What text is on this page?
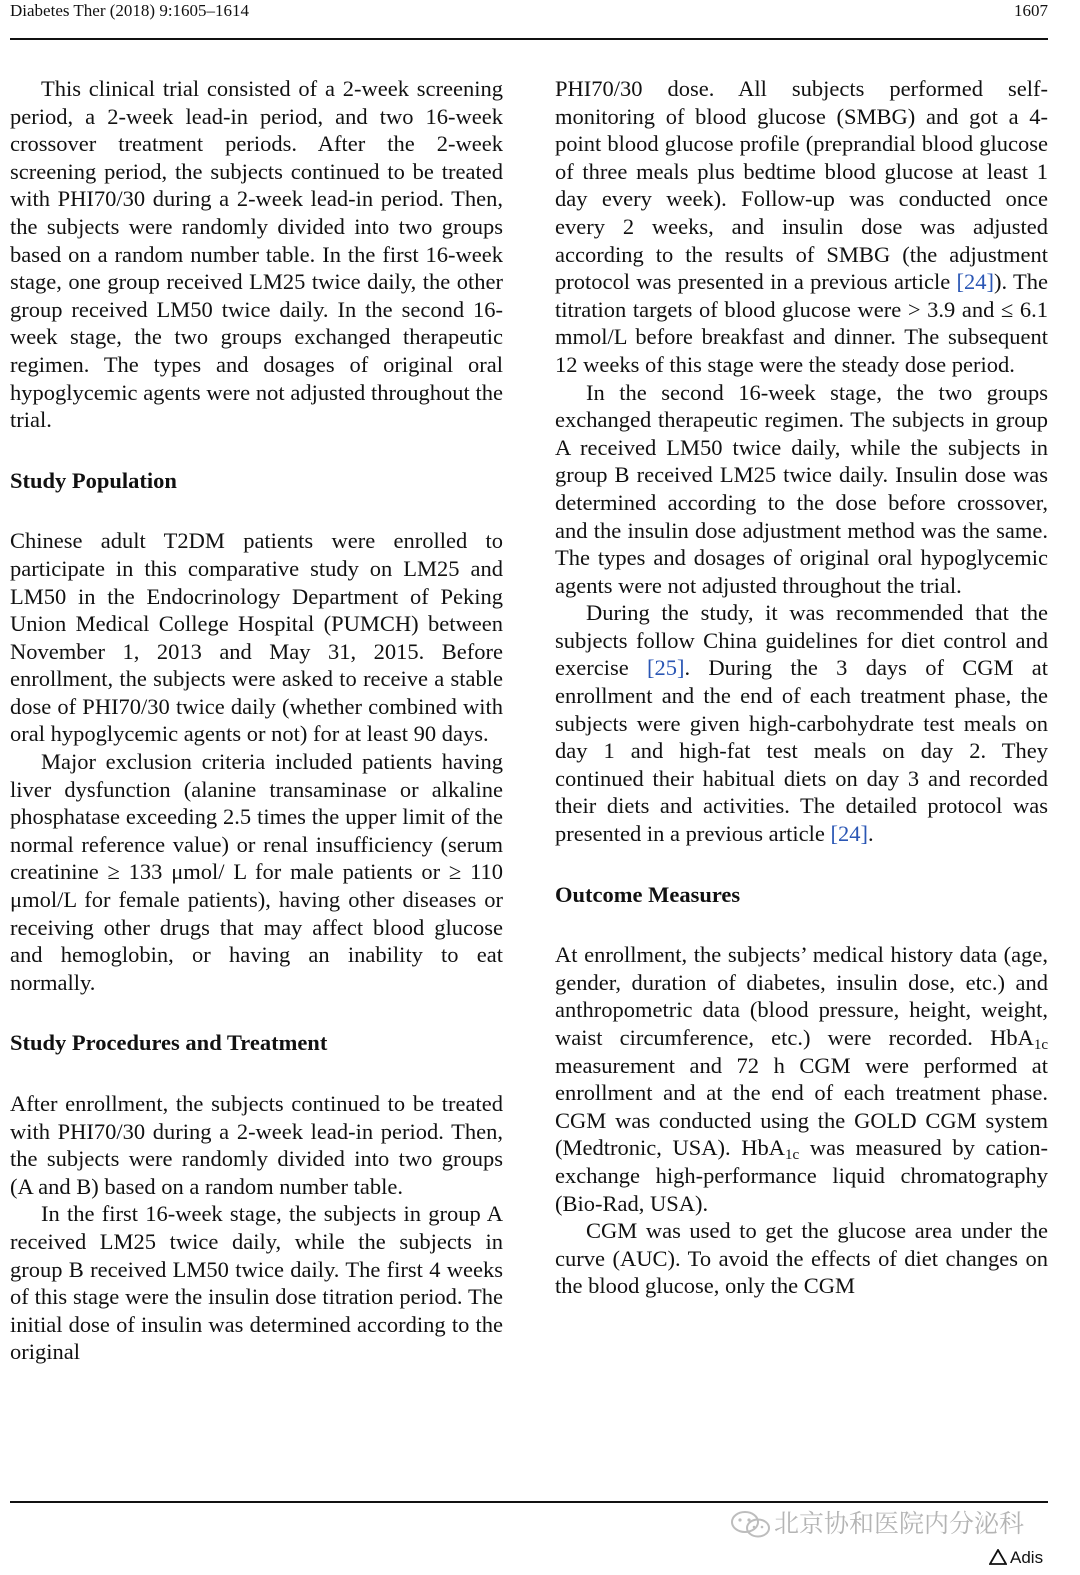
Diabetes Ther (2018) 9:1605–1614	1607

This clinical trial consisted of a 2-week screening period, a 2-week lead-in period, and two 16-week crossover treatment periods. After the 2-week screening period, the subjects continued to be treated with PHI70/30 during a 2-week lead-in period. Then, the subjects were randomly divided into two groups based on a random number table. In the first 16-week stage, one group received LM25 twice daily, the other group received LM50 twice daily. In the second 16-week stage, the two groups exchanged therapeutic regimen. The types and dosages of original oral hypoglycemic agents were not adjusted throughout the trial.

Study Population

Chinese adult T2DM patients were enrolled to participate in this comparative study on LM25 and LM50 in the Endocrinology Department of Peking Union Medical College Hospital (PUMCH) between November 1, 2013 and May 31, 2015. Before enrollment, the subjects were asked to receive a stable dose of PHI70/30 twice daily (whether combined with oral hypoglycemic agents or not) for at least 90 days.

Major exclusion criteria included patients having liver dysfunction (alanine transaminase or alkaline phosphatase exceeding 2.5 times the upper limit of the normal reference value) or renal insufficiency (serum creatinine ≥ 133 μmol/ L for male patients or ≥ 110 μmol/L for female patients), having other diseases or receiving other drugs that may affect blood glucose and hemoglobin, or having an inability to eat normally.

Study Procedures and Treatment

After enrollment, the subjects continued to be treated with PHI70/30 during a 2-week lead-in period. Then, the subjects were randomly divided into two groups (A and B) based on a random number table.

In the first 16-week stage, the subjects in group A received LM25 twice daily, while the subjects in group B received LM50 twice daily. The first 4 weeks of this stage were the insulin dose titration period. The initial dose of insulin was determined according to the original

PHI70/30 dose. All subjects performed self-monitoring of blood glucose (SMBG) and got a 4-point blood glucose profile (preprandial blood glucose of three meals plus bedtime blood glucose at least 1 day every week). Follow-up was conducted once every 2 weeks, and insulin dose was adjusted according to the results of SMBG (the adjustment protocol was presented in a previous article [24]). The titration targets of blood glucose were > 3.9 and ≤ 6.1 mmol/L before breakfast and dinner. The subsequent 12 weeks of this stage were the steady dose period.

In the second 16-week stage, the two groups exchanged therapeutic regimen. The subjects in group A received LM50 twice daily, while the subjects in group B received LM25 twice daily. Insulin dose was determined according to the dose before crossover, and the insulin dose adjustment method was the same. The types and dosages of original oral hypoglycemic agents were not adjusted throughout the trial.

During the study, it was recommended that the subjects follow China guidelines for diet control and exercise [25]. During the 3 days of CGM at enrollment and the end of each treatment phase, the subjects were given high-carbohydrate test meals on day 1 and high-fat test meals on day 2. They continued their habitual diets on day 3 and recorded their diets and activities. The detailed protocol was presented in a previous article [24].

Outcome Measures

At enrollment, the subjects’ medical history data (age, gender, duration of diabetes, insulin dose, etc.) and anthropometric data (blood pressure, height, weight, waist circumference, etc.) were recorded. HbA$_{1c}$ measurement and 72 h CGM were performed at enrollment and at the end of each treatment phase. CGM was conducted using the GOLD CGM system (Medtronic, USA). HbA$_{1c}$ was measured by cation-exchange high-performance liquid chromatography (Bio-Rad, USA).

CGM was used to get the glucose area under the curve (AUC). To avoid the effects of diet changes on the blood glucose, only the CGM

北京协和医院内分泌科
Adis
